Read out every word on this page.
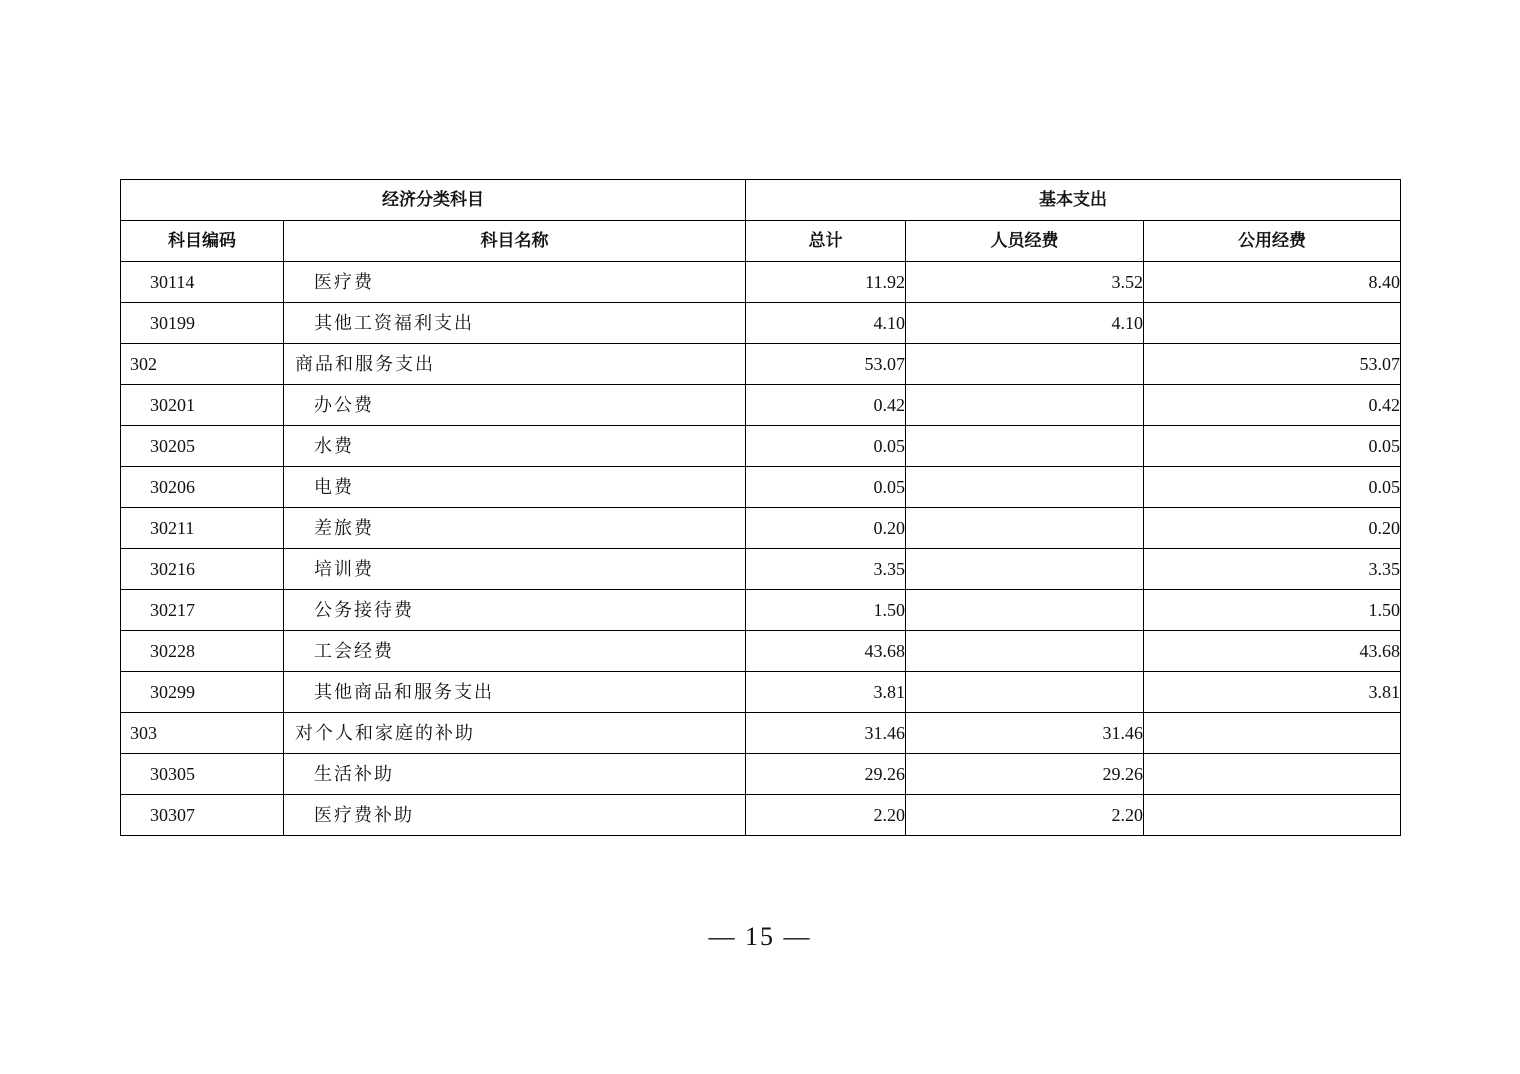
经济分类科目		基本支出		
科目编码	科目名称	总计	人员经费	公用经费
30114	医疗费	11.92	3.52	8.40
30199	其他工资福利支出	4.10	4.10	
302	商品和服务支出	53.07		53.07
30201	办公费	0.42		0.42
30205	水费	0.05		0.05
30206	电费	0.05		0.05
30211	差旅费	0.20		0.20
30216	培训费	3.35		3.35
30217	公务接待费	1.50		1.50
30228	工会经费	43.68		43.68
30299	其他商品和服务支出	3.81		3.81
303	对个人和家庭的补助	31.46	31.46	
30305	生活补助	29.26	29.26	
30307	医疗费补助	2.20	2.20	
— 15 —
